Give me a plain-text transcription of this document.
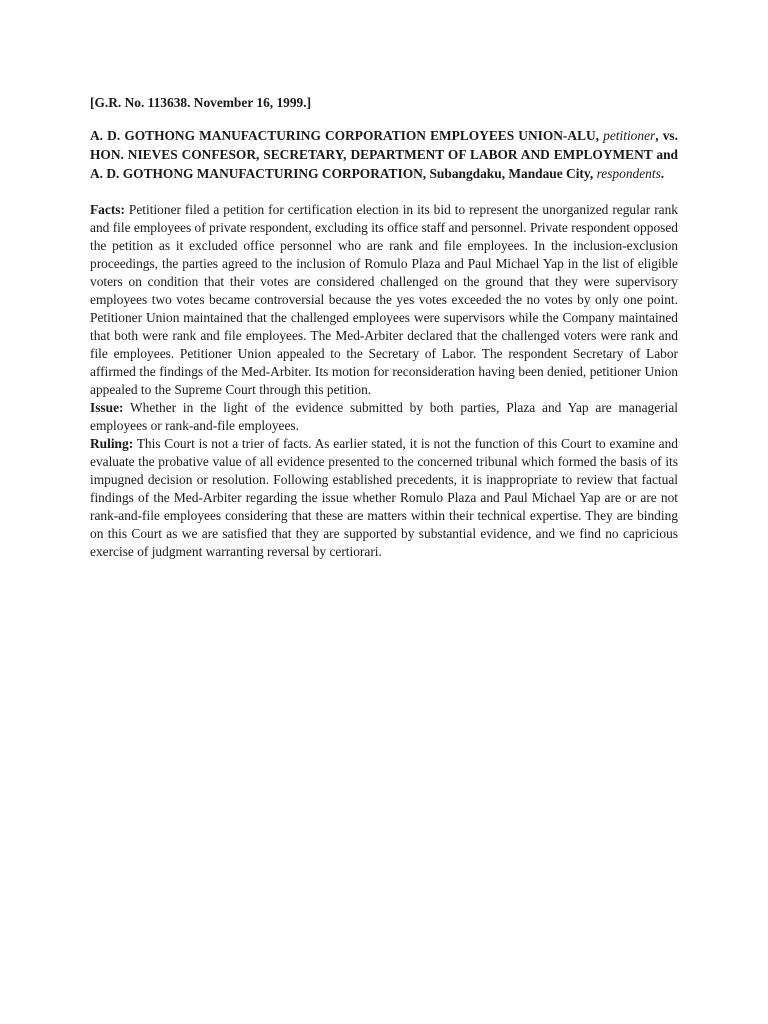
[G.R. No. 113638. November 16, 1999.]

A. D. GOTHONG MANUFACTURING CORPORATION EMPLOYEES UNION-ALU, petitioner, vs. HON. NIEVES CONFESOR, SECRETARY, DEPARTMENT OF LABOR AND EMPLOYMENT and A. D. GOTHONG MANUFACTURING CORPORATION, Subangdaku, Mandaue City, respondents.

Facts: Petitioner filed a petition for certification election in its bid to represent the unorganized regular rank and file employees of private respondent, excluding its office staff and personnel. Private respondent opposed the petition as it excluded office personnel who are rank and file employees. In the inclusion-exclusion proceedings, the parties agreed to the inclusion of Romulo Plaza and Paul Michael Yap in the list of eligible voters on condition that their votes are considered challenged on the ground that they were supervisory employees two votes became controversial because the yes votes exceeded the no votes by only one point. Petitioner Union maintained that the challenged employees were supervisors while the Company maintained that both were rank and file employees. The Med-Arbiter declared that the challenged voters were rank and file employees. Petitioner Union appealed to the Secretary of Labor. The respondent Secretary of Labor affirmed the findings of the Med-Arbiter. Its motion for reconsideration having been denied, petitioner Union appealed to the Supreme Court through this petition.

Issue: Whether in the light of the evidence submitted by both parties, Plaza and Yap are managerial employees or rank-and-file employees.

Ruling: This Court is not a trier of facts. As earlier stated, it is not the function of this Court to examine and evaluate the probative value of all evidence presented to the concerned tribunal which formed the basis of its impugned decision or resolution. Following established precedents, it is inappropriate to review that factual findings of the Med-Arbiter regarding the issue whether Romulo Plaza and Paul Michael Yap are or are not rank-and-file employees considering that these are matters within their technical expertise. They are binding on this Court as we are satisfied that they are supported by substantial evidence, and we find no capricious exercise of judgment warranting reversal by certiorari.
